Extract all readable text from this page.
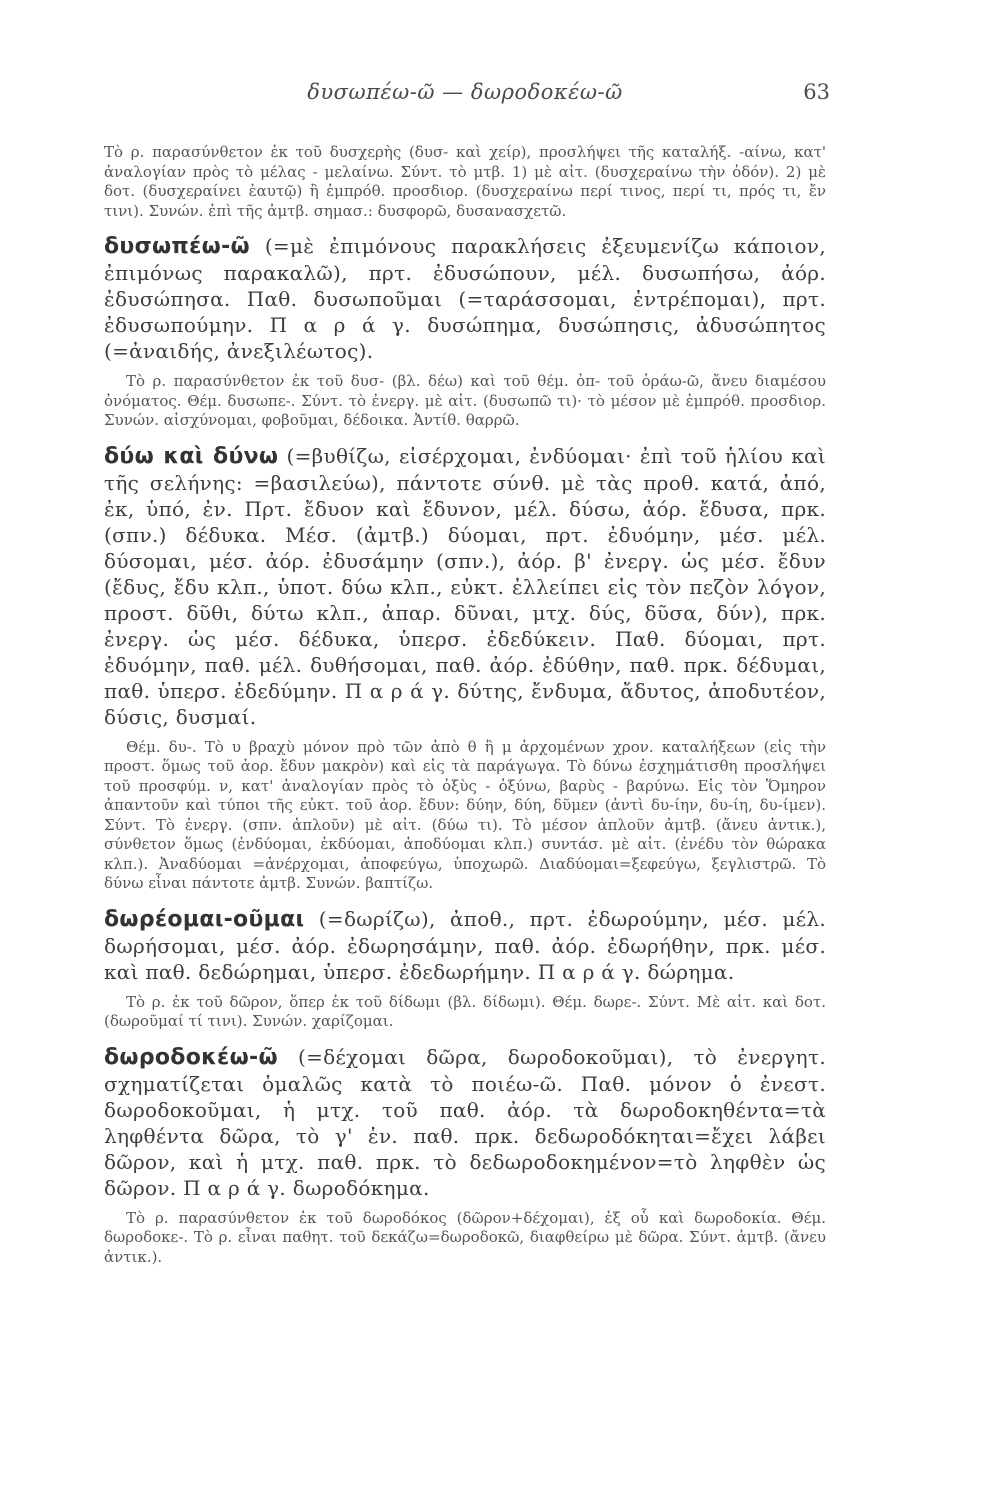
δυσωπέω-ῶ — δωροδοκέω-ῶ	63

Τὸ ρ. παρασύνθετον ἐκ τοῦ δυσχερὴς (δυσ- καὶ χείρ), προσλήψει τῆς καταλήξ. -αίνω, κατ' ἀναλογίαν πρὸς τὸ μέλας - μελαίνω. Σύντ. τὸ μτβ. 1) μὲ αἰτ. (δυσχεραίνω τὴν ὁδόν). 2) μὲ δοτ. (δυσχεραίνει ἑαυτῷ) ἢ ἐμπρόθ. προσδιορ. (δυσχεραίνω περί τινος, περί τι, πρός τι, ἔν τινι). Συνών. ἐπὶ τῆς ἀμτβ. σημασ.: δυσφορῶ, δυσανασχετῶ.

δυσωπέω-ῶ (=μὲ ἐπιμόνους παρακλήσεις ἐξευμενίζω κάποιον, ἐπιμόνως παρακαλῶ), πρτ. ἐδυσώπουν, μέλ. δυσωπήσω, ἀόρ. ἐδυσώπησα. Παθ. δυσωποῦμαι (=ταράσσομαι, ἐντρέπομαι), πρτ. ἐδυσωπούμην. Π α ρ ά γ. δυσώπημα, δυσώπησις, ἀδυσώπητος (=ἀναιδής, ἀνεξιλέωτος).

Τὸ ρ. παρασύνθετον ἐκ τοῦ δυσ- (βλ. δέω) καὶ τοῦ θέμ. ὀπ- τοῦ ὁράω-ῶ, ἄνευ διαμέσου ὀνόματος. Θέμ. δυσωπε-. Σύντ. τὸ ἐνεργ. μὲ αἰτ. (δυσωπῶ τι)· τὸ μέσον μὲ ἐμπρόθ. προσδιορ. Συνών. αἰσχύνομαι, φοβοῦμαι, δέδοικα. Ἀντίθ. θαρρῶ.

δύω καὶ δύνω (=βυθίζω, εἰσέρχομαι, ἐνδύομαι· ἐπὶ τοῦ ἡλίου καὶ τῆς σελήνης: =βασιλεύω), πάντοτε σύνθ. μὲ τὰς προθ. κατά, ἀπό, ἐκ, ὑπό, ἐν. Πρτ. ἔδυον καὶ ἔδυνον, μέλ. δύσω, ἀόρ. ἔδυσα, πρκ. (σπν.) δέδυκα. Μέσ. (ἀμτβ.) δύομαι, πρτ. ἐδυόμην, μέσ. μέλ. δύσομαι, μέσ. ἀόρ. ἐδυσάμην (σπν.), ἀόρ. β' ἐνεργ. ὡς μέσ. ἔδυν (ἔδυς, ἔδυ κλπ., ὑποτ. δύω κλπ., εὐκτ. ἐλλείπει εἰς τὸν πεζὸν λόγον, προστ. δῦθι, δύτω κλπ., ἀπαρ. δῦναι, μτχ. δύς, δῦσα, δύν), πρκ. ἐνεργ. ὡς μέσ. δέδυκα, ὑπερσ. ἐδεδύκειν. Παθ. δύομαι, πρτ. ἐδυόμην, παθ. μέλ. δυθήσομαι, παθ. ἀόρ. ἐδύθην, παθ. πρκ. δέδυμαι, παθ. ὑπερσ. ἐδεδύμην. Π α ρ ά γ. δύτης, ἔνδυμα, ἄδυτος, ἀποδυτέον, δύσις, δυσμαί.

Θέμ. δυ-. Τὸ υ βραχὺ μόνον πρὸ τῶν ἀπὸ θ ἢ μ ἀρχομένων χρον. καταλήξεων (εἰς τὴν προστ. ὅμως τοῦ ἀορ. ἔδυν μακρὸν) καὶ εἰς τὰ παράγωγα. Τὸ δύνω ἐσχημάτισθη προσλήψει τοῦ προσφύμ. ν, κατ' ἀναλογίαν πρὸς τὸ ὀξὺς - ὀξύνω, βαρὺς - βαρύνω. Εἰς τὸν Ὅμηρον ἀπαντοῦν καὶ τύποι τῆς εὐκτ. τοῦ ἀορ. ἔδυν: δύην, δύη, δῦμεν (ἀντὶ δυ-ίην, δυ-ίη, δυ-ίμεν). Σύντ. Τὸ ἐνεργ. (σπν. ἁπλοῦν) μὲ αἰτ. (δύω τι). Τὸ μέσον ἁπλοῦν ἀμτβ. (ἄνευ ἀντικ.), σύνθετον ὅμως (ἐνδύομαι, ἐκδύομαι, ἀποδύομαι κλπ.) συντάσ. μὲ αἰτ. (ἐνέδυ τὸν θώρακα κλπ.). Ἀναδύομαι =ἀνέρχομαι, ἀποφεύγω, ὑποχωρῶ. Διαδύομαι=ξεφεύγω, ξεγλιστρῶ. Τὸ δύνω εἶναι πάντοτε ἀμτβ. Συνών. βαπτίζω.

δωρέομαι-οῦμαι (=δωρίζω), ἀποθ., πρτ. ἐδωρούμην, μέσ. μέλ. δωρήσομαι, μέσ. ἀόρ. ἐδωρησάμην, παθ. ἀόρ. ἐδωρήθην, πρκ. μέσ. καὶ παθ. δεδώρημαι, ὑπερσ. ἐδεδωρήμην. Π α ρ ά γ. δώρημα.

Τὸ ρ. ἐκ τοῦ δῶρον, ὅπερ ἐκ τοῦ δίδωμι (βλ. δίδωμι). Θέμ. δωρε-. Σύντ. Μὲ αἰτ. καὶ δοτ. (δωροῦμαί τί τινι). Συνών. χαρίζομαι.

δωροδοκέω-ῶ (=δέχομαι δῶρα, δωροδοκοῦμαι), τὸ ἐνεργητ. σχηματίζεται ὁμαλῶς κατὰ τὸ ποιέω-ῶ. Παθ. μόνον ὁ ἐνεστ. δωροδοκοῦμαι, ἡ μτχ. τοῦ παθ. ἀόρ. τὰ δωροδοκηθέντα=τὰ ληφθέντα δῶρα, τὸ γ' ἑν. παθ. πρκ. δεδωροδόκηται=ἔχει λάβει δῶρον, καὶ ἡ μτχ. παθ. πρκ. τὸ δεδωροδοκημένον=τὸ ληφθὲν ὡς δῶρον. Π α ρ ά γ. δωροδόκημα.

Τὸ ρ. παρασύνθετον ἐκ τοῦ δωροδόκος (δῶρον+δέχομαι), ἐξ οὗ καὶ δωροδοκία. Θέμ. δωροδοκε-. Τὸ ρ. εἶναι παθητ. τοῦ δεκάζω=δωροδοκῶ, διαφθείρω μὲ δῶρα. Σύντ. ἀμτβ. (ἄνευ ἀντικ.).
